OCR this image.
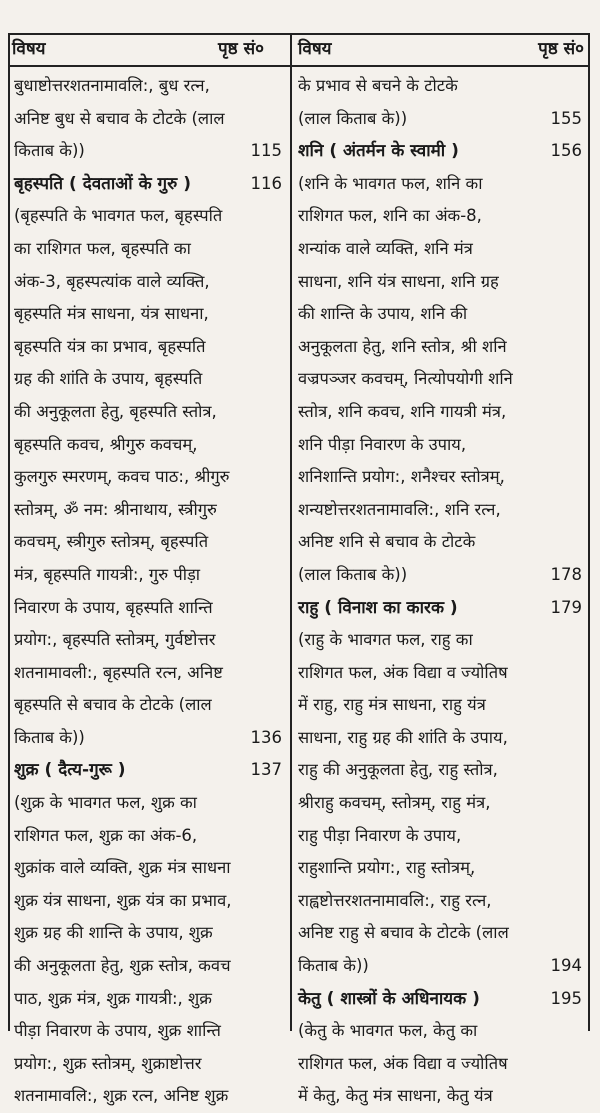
विषय	पृष्ठ सं० विषय	पृष्ठ सं०
बुधाष्टोत्तरशतनामावलि:, बुध रत्न,
अनिष्ट बुध से बचाव के टोटके (लाल
किताब के))	115
बृहस्पति ( देवताओं के गुरु )	116
(बृहस्पति के भावगत फल, बृहस्पति
का राशिगत फल, बृहस्पति का
अंक-3, बृहस्पत्यांक वाले व्यक्ति,
बृहस्पति मंत्र साधना, यंत्र साधना,
बृहस्पति यंत्र का प्रभाव, बृहस्पति
ग्रह की शांति के उपाय, बृहस्पति
की अनुकूलता हेतु, बृहस्पति स्तोत्र,
बृहस्पति कवच, श्रीगुरु कवचम्,
कुलगुरु स्मरणम्, कवच पाठ:, श्रीगुरु
स्तोत्रम्, ॐ नम: श्रीनाथाय, स्त्रीगुरु
कवचम्, स्त्रीगुरु स्तोत्रम्, बृहस्पति
मंत्र, बृहस्पति गायत्री:, गुरु पीड़ा
निवारण के उपाय, बृहस्पति शान्ति
प्रयोग:, बृहस्पति स्तोत्रम्, गुर्वष्टोत्तर
शतनामावली:, बृहस्पति रत्न, अनिष्ट
बृहस्पति से बचाव के टोटके (लाल
किताब के))	136
शुक्र ( दैत्य-गुरू )	137
(शुक्र के भावगत फल, शुक्र का
राशिगत फल, शुक्र का अंक-6,
शुक्रांक वाले व्यक्ति, शुक्र मंत्र साधना
शुक्र यंत्र साधना, शुक्र यंत्र का प्रभाव,
शुक्र ग्रह की शान्ति के उपाय, शुक्र
की अनुकूलता हेतु, शुक्र स्तोत्र, कवच
पाठ, शुक्र मंत्र, शुक्र गायत्री:, शुक्र
पीड़ा निवारण के उपाय, शुक्र शान्ति
प्रयोग:, शुक्र स्तोत्रम्, शुक्राष्टोत्तर
शतनामावलि:, शुक्र रत्न, अनिष्ट शुक्र
के प्रभाव से बचने के टोटके
(लाल किताब के))	155
शनि ( अंतर्मन के स्वामी )	156
(शनि के भावगत फल, शनि का
राशिगत फल, शनि का अंक-8,
शन्यांक वाले व्यक्ति, शनि मंत्र
साधना, शनि यंत्र साधना, शनि ग्रह
की शान्ति के उपाय, शनि की
अनुकूलता हेतु, शनि स्तोत्र, श्री शनि
वज्रपञ्जर कवचम्, नित्योपयोगी शनि
स्तोत्र, शनि कवच, शनि गायत्री मंत्र,
शनि पीड़ा निवारण के उपाय,
शनिशान्ति प्रयोग:, शनैश्चर स्तोत्रम्,
शन्यष्टोत्तरशतनामावलि:, शनि रत्न,
अनिष्ट शनि से बचाव के टोटके
(लाल किताब के))	178
राहु ( विनाश का कारक )	179
(राहु के भावगत फल, राहु का
राशिगत फल, अंक विद्या व ज्योतिष
में राहु, राहु मंत्र साधना, राहु यंत्र
साधना, राहु ग्रह की शांति के उपाय,
राहु की अनुकूलता हेतु, राहु स्तोत्र,
श्रीराहु कवचम्, स्तोत्रम्, राहु मंत्र,
राहु पीड़ा निवारण के उपाय,
राहुशान्ति प्रयोग:, राहु स्तोत्रम्,
राह्वष्टोत्तरशतनामावलि:, राहु रत्न,
अनिष्ट राहु से बचाव के टोटके (लाल
किताब के))	194
केतु ( शास्त्रों के अधिनायक )	195
(केतु के भावगत फल, केतु का
राशिगत फल, अंक विद्या व ज्योतिष
में केतु, केतु मंत्र साधना, केतु यंत्र
